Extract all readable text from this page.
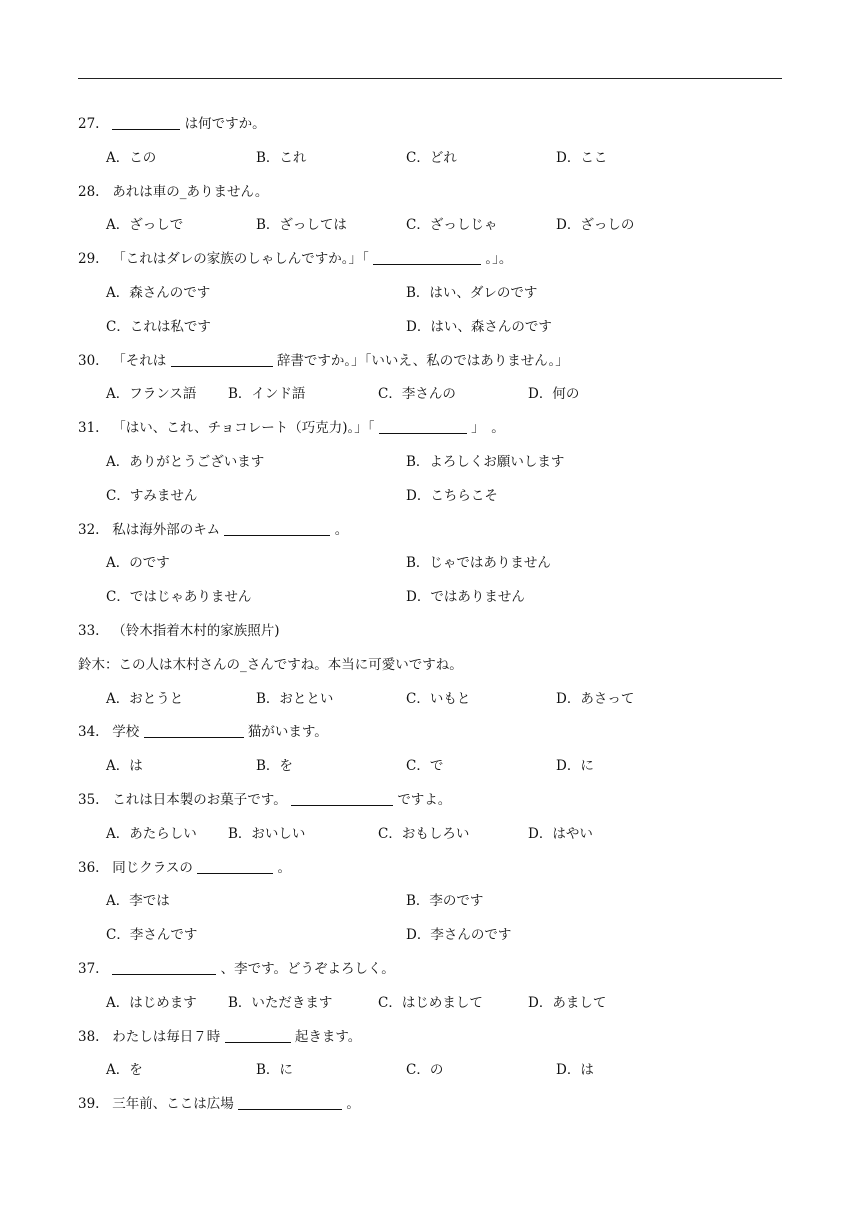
27.	は何ですか。
A．この	B．これ	C．どれ	D．ここ
28. あれは車の_ありません。
A．ざっしで	B．ざっしては	C．ざっしじゃ	D．ざっしの
29. 「これはダレの家族のしゃしんですか。」「	。」。
A．森さんのです	B．はい、ダレのです
C．これは私です	D．はい、森さんのです
30. 「それは	辞書ですか。」「いいえ、私のではありません。」
A．フランス語	B．インド語	C．李さんの	D．何の
31. 「はい、これ、チョコレート（巧克力)。」「	」　。
A．ありがとうございます	B．よろしくお願いします
C．すみません	D．こちらこそ
32. 私は海外部のキム	。
A．のです	B．じゃではありません
C．ではじゃありません	D．ではありません
33. （铃木指着木村的家族照片)
鈴木：この人は木村さんの_さんですね。本当に可愛いですね。
A．おとうと	B．おととい	C．いもと	D．あさって
34. 学校	猫がいます。
A．は	B．を	C．で	D．に
35. これは日本製のお菓子です。	ですよ。
A．あたらしい	B．おいしい	C．おもしろい	D．はやい
36. 同じクラスの	。
A．李では	B．李のです
C．李さんです	D．李さんのです
37.	、李です。どうぞよろしく。
A．はじめます	B．いただきます	C．はじめまして	D．あまして
38. わたしは毎日７時	起きます。
A．を	B．に	C．の	D．は
39. 三年前、ここは広場	。
